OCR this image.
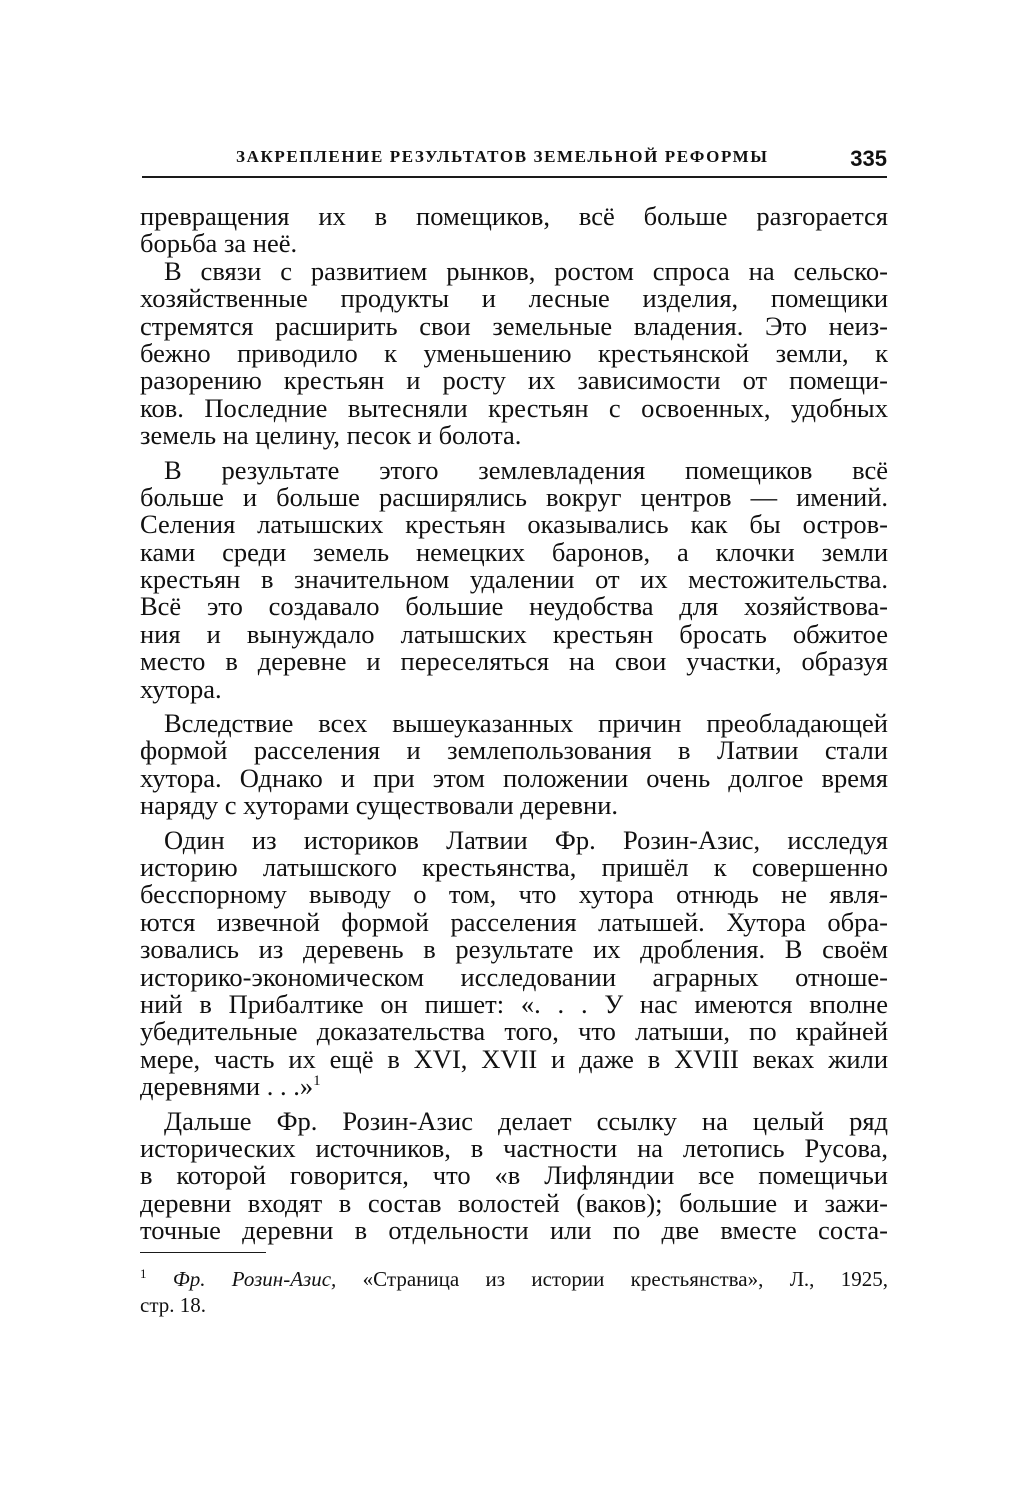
ЗАКРЕПЛЕНИЕ РЕЗУЛЬТАТОВ ЗЕМЕЛЬНОЙ РЕФОРМЫ	335
превращения их в помещиков, всё больше разгорается
борьба за неё.
В связи с развитием рынков, ростом спроса на сельско-
хозяйственные продукты и лесные изделия, помещики
стремятся расширить свои земельные владения. Это неиз-
бежно приводило к уменьшению крестьянской земли, к
разорению крестьян и росту их зависимости от помещи-
ков. Последние вытесняли крестьян с освоенных, удобных
земель на целину, песок и болота.
В результате этого землевладения помещиков всё
больше и больше расширялись вокруг центров — имений.
Селения латышских крестьян оказывались как бы остров-
ками среди земель немецких баронов, а клочки земли
крестьян в значительном удалении от их местожительства.
Всё это создавало большие неудобства для хозяйствова-
ния и вынуждало латышских крестьян бросать обжитое
место в деревне и переселяться на свои участки, образуя
хутора.
Вследствие всех вышеуказанных причин преобладающей
формой расселения и землепользования в Латвии стали
хутора. Однако и при этом положении очень долгое время
наряду с хуторами существовали деревни.
Один из историков Латвии Фр. Розин-Азис, исследуя
историю латышского крестьянства, пришёл к совершенно
бесспорному выводу о том, что хутора отнюдь не явля-
ются извечной формой расселения латышей. Хутора обра-
зовались из деревень в результате их дробления. В своём
историко-экономическом исследовании аграрных отноше-
ний в Прибалтике он пишет: «. . . У нас имеются вполне
убедительные доказательства того, что латыши, по крайней
мере, часть их ещё в XVI, XVII и даже в XVIII веках жили
деревнями . . .»$^1$
Дальше Фр. Розин-Азис делает ссылку на целый ряд
исторических источников, в частности на летопись Русова,
в которой говорится, что «в Лифляндии все помещичьи
деревни входят в состав волостей (ваков); большие и зажи-
точные деревни в отдельности или по две вместе соста-
$^1$ Фр. Розин-Азис, «Страница из истории крестьянства», Л., 1925,
стр. 18.
